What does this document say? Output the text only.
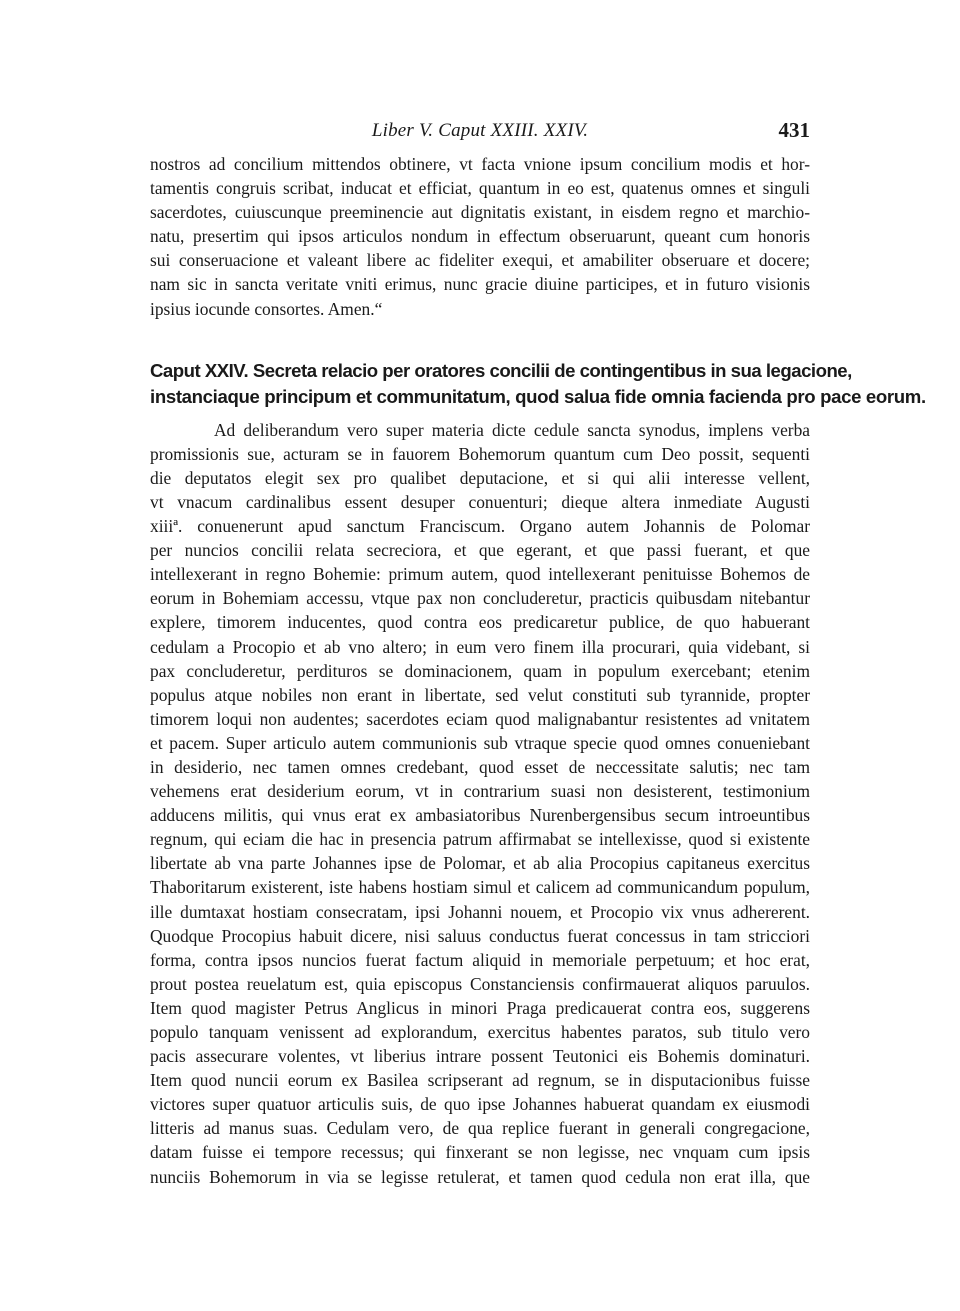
Liber V. Caput XXIII. XXIV.	431
nostros ad concilium mittendos obtinere, vt facta vnione ipsum concilium modis et hor-
tamentis congruis scribat, inducat et efficiat, quantum in eo est, quatenus omnes et singuli
sacerdotes, cuiuscunque preeminencie aut dignitatis existant, in eisdem regno et marchio-
natu, presertim qui ipsos articulos nondum in effectum obseruarunt, queant cum honoris
sui conseruacione et valeant libere ac fideliter exequi, et amabiliter obseruare et docere;
nam sic in sancta veritate vniti erimus, nunc gracie diuine participes, et in futuro visionis
ipsius iocunde consortes. Amen.“
Caput XXIV. Secreta relacio per oratores concilii de contingentibus in sua legacione,
instanciaque principum et communitatum, quod salua fide omnia facienda pro pace eorum.
Ad deliberandum vero super materia dicte cedule sancta synodus, implens verba
promissionis sue, acturam se in fauorem Bohemorum quantum cum Deo possit, sequenti
die deputatos elegit sex pro qualibet deputacione, et si qui alii interesse vellent,
vt vnacum cardinalibus essent desuper conuenturi; dieque altera inmediate Augusti
xiiiª. conuenerunt apud sanctum Franciscum. Organo autem Johannis de Polomar
per nuncios concilii relata secreciora, et que egerant, et que passi fuerant, et que
intellexerant in regno Bohemie: primum autem, quod intellexerant penituisse Bohemos de
eorum in Bohemiam accessu, vtque pax non concluderetur, practicis quibusdam nitebantur
explere, timorem inducentes, quod contra eos predicaretur publice, de quo habuerant
cedulam a Procopio et ab vno altero; in eum vero finem illa procurari, quia videbant, si
pax concluderetur, perdituros se dominacionem, quam in populum exercebant; etenim
populus atque nobiles non erant in libertate, sed velut constituti sub tyrannide, propter
timorem loqui non audentes; sacerdotes eciam quod malignabantur resistentes ad vnitatem
et pacem. Super articulo autem communionis sub vtraque specie quod omnes conueniebant
in desiderio, nec tamen omnes credebant, quod esset de neccessitate salutis; nec tam
vehemens erat desiderium eorum, vt in contrarium suasi non desisterent, testimonium
adducens militis, qui vnus erat ex ambasiatoribus Nurenbergensibus secum introeuntibus
regnum, qui eciam die hac in presencia patrum affirmabat se intellexisse, quod si existente
libertate ab vna parte Johannes ipse de Polomar, et ab alia Procopius capitaneus exercitus
Thaboritarum existerent, iste habens hostiam simul et calicem ad communicandum populum,
ille dumtaxat hostiam consecratam, ipsi Johanni nouem, et Procopio vix vnus adhererent.
Quodque Procopius habuit dicere, nisi saluus conductus fuerat concessus in tam stricciori
forma, contra ipsos nuncios fuerat factum aliquid in memoriale perpetuum; et hoc erat,
prout postea reuelatum est, quia episcopus Constanciensis confirmauerat aliquos paruulos.
Item quod magister Petrus Anglicus in minori Praga predicauerat contra eos, suggerens
populo tanquam venissent ad explorandum, exercitus habentes paratos, sub titulo vero
pacis assecurare volentes, vt liberius intrare possent Teutonici eis Bohemis dominaturi.
Item quod nuncii eorum ex Basilea scripserant ad regnum, se in disputacionibus fuisse
victores super quatuor articulis suis, de quo ipse Johannes habuerat quandam ex eiusmodi
litteris ad manus suas. Cedulam vero, de qua replice fuerant in generali congregacione,
datam fuisse ei tempore recessus; qui finxerant se non legisse, nec vnquam cum ipsis
nunciis Bohemorum in via se legisse retulerat, et tamen quod cedula non erat illa, que
